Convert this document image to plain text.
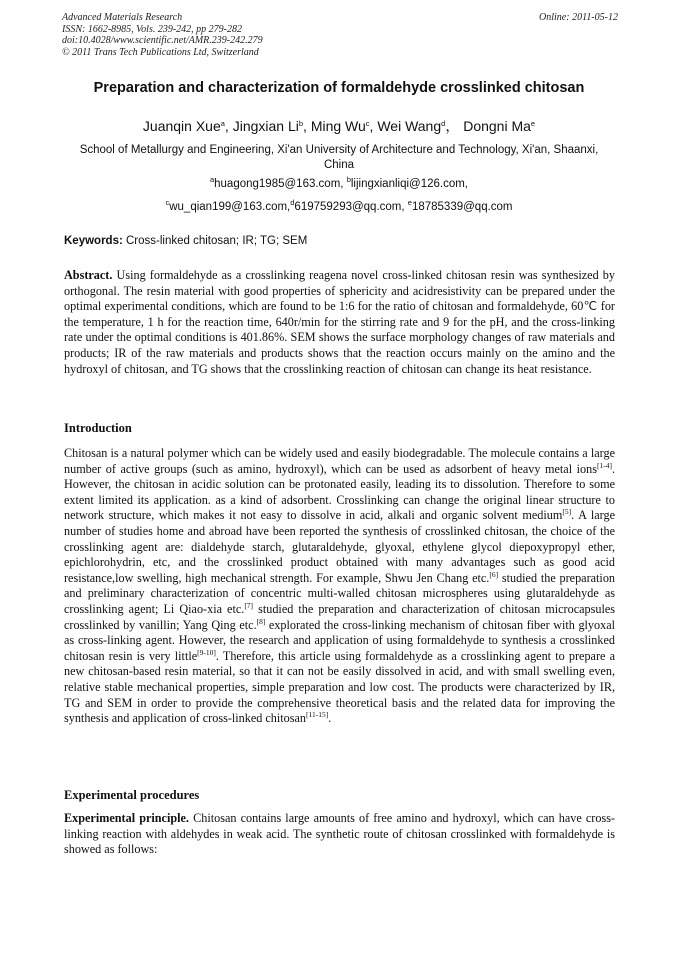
Advanced Materials Research
ISSN: 1662-8985, Vols. 239-242, pp 279-282
doi:10.4028/www.scientific.net/AMR.239-242.279
© 2011 Trans Tech Publications Ltd, Switzerland
Online: 2011-05-12
Preparation and characterization of formaldehyde crosslinked chitosan
Juanqin Xue$^a$, Jingxian Li$^b$, Ming Wu$^c$, Wei Wang$^d$， Dongni Ma$^e$
School of Metallurgy and Engineering, Xi'an University of Architecture and Technology, Xi'an, Shaanxi, China
$^a$huagong1985@163.com, $^b$lijingxianliqi@126.com,
$^c$wu_qian199@163.com,$^d$619759293@qq.com, $^e$18785339@qq.com
Keywords: Cross-linked chitosan; IR; TG; SEM
Abstract. Using formaldehyde as a crosslinking reagena novel cross-linked chitosan resin was synthesized by orthogonal. The resin material with good properties of sphericity and acidresistivity can be prepared under the optimal experimental conditions, which are found to be 1:6 for the ratio of chitosan and formaldehyde, 60℃ for the temperature, 1 h for the reaction time, 640r/min for the stirring rate and 9 for the pH, and the cross-linking rate under the optimal conditions is 401.86%. SEM shows the surface morphology changes of raw materials and products; IR of the raw materials and products shows that the reaction occurs mainly on the amino and the hydroxyl of chitosan, and TG shows that the crosslinking reaction of chitosan can change its heat resistance.
Introduction
Chitosan is a natural polymer which can be widely used and easily biodegradable. The molecule contains a large number of active groups (such as amino, hydroxyl), which can be used as adsorbent of heavy metal ions[1-4]. However, the chitosan in acidic solution can be protonated easily, leading its to dissolution. Therefore to some extent limited its application. as a kind of adsorbent. Crosslinking can change the original linear structure to network structure, which makes it not easy to dissolve in acid, alkali and organic solvent medium[5]. A large number of studies home and abroad have been reported the synthesis of crosslinked chitosan, the choice of the crosslinking agent are: dialdehyde starch, glutaraldehyde, glyoxal, ethylene glycol diepoxypropyl ether, epichlorohydrin, etc, and the crosslinked product obtained with many advantages such as good acid resistance,low swelling, high mechanical strength. For example, Shwu Jen Chang etc.[6] studied the preparation and preliminary characterization of concentric multi-walled chitosan microspheres using glutaraldehyde as crosslinking agent; Li Qiao-xia etc.[7] studied the preparation and characterization of chitosan microcapsules crosslinked by vanillin; Yang Qing etc.[8] explorated the cross-linking mechanism of chitosan fiber with glyoxal as cross-linking agent. However, the research and application of using formaldehyde to synthesis a crosslinked chitosan resin is very little[9-10]. Therefore, this article using formaldehyde as a crosslinking agent to prepare a new chitosan-based resin material, so that it can not be easily dissolved in acid, and with small swelling even, relative stable mechanical properties, simple preparation and low cost. The products were characterized by IR, TG and SEM in order to provide the comprehensive theoretical basis and the related data for improving the synthesis and application of cross-linked chitosan[11-15].
Experimental procedures
Experimental principle. Chitosan contains large amounts of free amino and hydroxyl, which can have cross-linking reaction with aldehydes in weak acid. The synthetic route of chitosan crosslinked with formaldehyde is showed as follows:
